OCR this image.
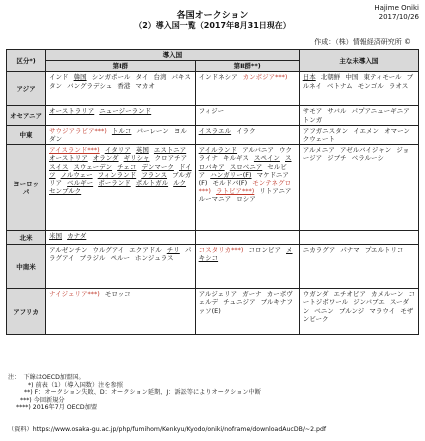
Hajime Oniki
2017/10/26
各国オークション
（2）導入国一覧（2017年8月31日現在）
作成：（株）情報経済研究所 ©
区分*)	導入国		主な未導入国
	第Ⅰ群	第Ⅱ群**)	
アジア	インド 韓国 シンガポール タイ 台湾 パキスタン バングラデシュ 香港 マカオ	インドネシア カンボジア***)	日本 北朝鮮 中国 東ティモール ブルネイ ベトナム モンゴル ラオス
オセアニア	オーストラリア ニュージーランド	フィジー	サモア サバル パプアニューギニア トンガ
中東	サウジアラビア***) トルコ バーレーン ヨルダン	イスラエル イラク	アフガニスタン イエメン オマーン クウェート
ヨーロッパ	アイスランド***) イタリア 英国 エストニア オーストリア オランダ ギリシャ クロアチア スイス スウェーデン チェコ デンマーク ドイツ ノルウェー フィンランド フランス ブルガリア ベルギー ポーランド ポルトガル ルクセンブルク	アイルランド アルバニア ウクライナ キルギス スペイン スロバキア スロベニア セルビア ハンガリー(F) マケドニア(F) モルドバ(F) モンテネグロ***) ラトビア***) リトアニア ルーマニア ロシア	アルメニア アゼルバイジャン ジョージア ジブチ ベラルーシ
北米	米国 カナダ		
中南米	アルゼンチン ウルグアイ エクアドル チリ パラグアイ ブラジル ペルー ホンジュラス	コスタリカ***) コロンビア メキシコ	ニカラグア パナマ プエルトリコ
アフリカ	ナイジェリア***) モロッコ	アルジェリア ガーナ カーボヴェルデ チュニジア ブルキナファソ(E)	ウガンダ エチオピア カメルーン コートジボワール ジンバブエ スーダン ベニン ブルンジ マラウイ モザンビーク
注：　下線はOECD加盟国。
*) 前表（1）（導入国数）注を参照
**) F：オークション失敗、D：オークション延期、J：訴訟等によりオークション中断
***) 今回新規分
****) 2016年7月 OECD加盟
（資料）https://www.osaka-gu.ac.jp/php/fumihom/Kenkyu/Kyodo/oniki/noframe/downloadAucDB/~2.pdf
